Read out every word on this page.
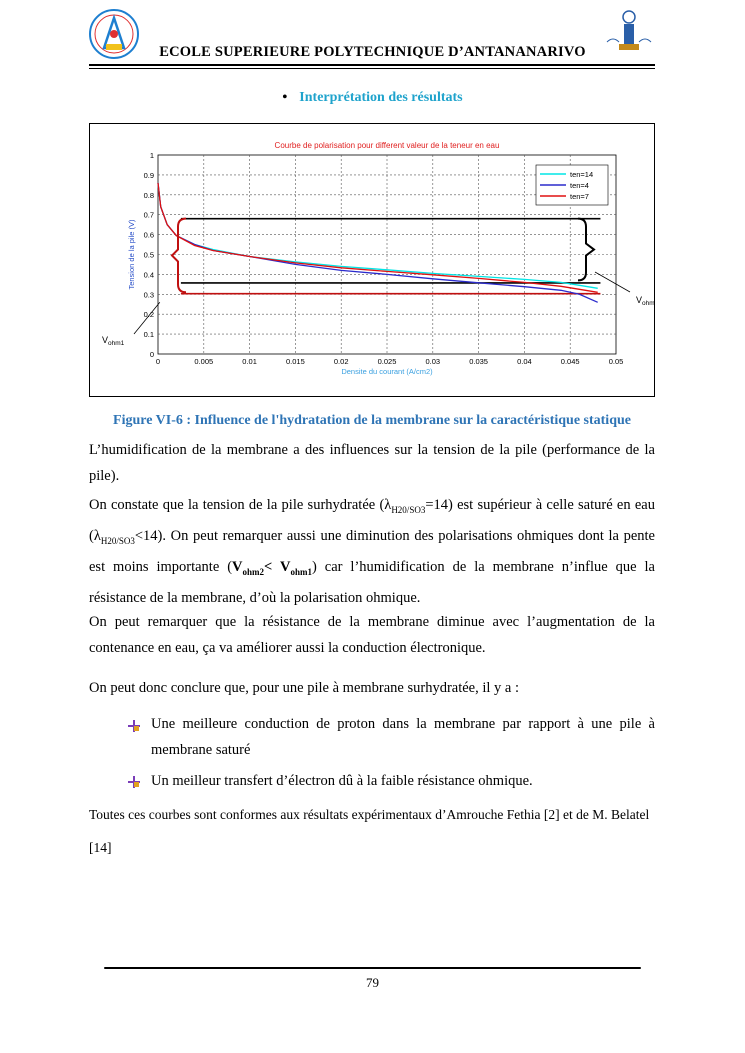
ECOLE SUPERIEURE POLYTECHNIQUE D’ANTANANARIVO
• Interprétation des résultats
0	0.005	0.01	0.015	0.02	0.025	0.03	0.035	0.04	0.045	0.05
0
0.1
0.2
0.3
0.4
0.5
0.6
0.7
0.8
0.9
1
Courbe de polarisation pour different valeur de la teneur en eau
Densite du courant (A/cm2)
Tension de la pile (V)
ten=14
ten=4
ten=7
$V_{ohm1}$
$V_{ohm}$
Figure VI-6 : Influence de l'hydratation de la membrane sur la caractéristique statique
L’humidification de la membrane a des influences sur la tension de la pile (performance de la pile).
On constate que la tension de la pile surhydratée $(\lambda_{H20/SO3}=14)$ est supérieur à celle saturé en eau $(\lambda_{H20/SO3}<14)$. On peut remarquer aussi une diminution des polarisations ohmiques dont la pente est moins importante $(V_{ohm2}< V_{ohm1})$ car l’humidification de la membrane n’influe que la résistance de la membrane, d’où la polarisation ohmique.
On peut remarquer que la résistance de la membrane diminue avec l’augmentation de la contenance en eau, ça va améliorer aussi la conduction électronique.
On peut donc conclure que, pour une pile à membrane surhydratée, il y a :
Une meilleure conduction de proton dans la membrane par rapport à une pile à membrane saturé
Un meilleur transfert d’électron dû à la faible résistance ohmique.
Toutes ces courbes sont conformes aux résultats expérimentaux d’Amrouche Fethia [2] et de M. Belatel [14]
79
